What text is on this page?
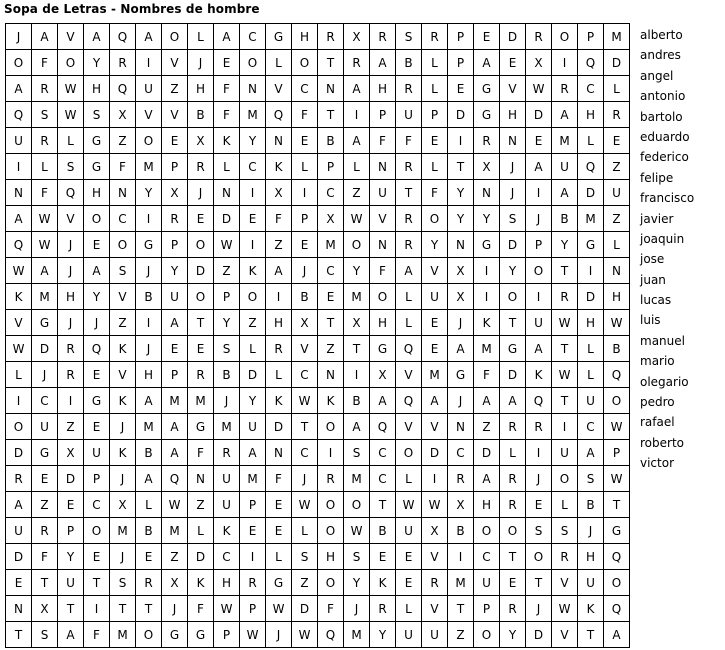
Sopa de Letras - Nombres de hombre
J	A	V	A	Q	A	O	L	A	C	G	H	R	X	R	S	R	P	E	D	R	O	P	M
O	F	O	Y	R	I	V	J	E	O	L	O	T	R	A	B	L	P	A	E	X	I	Q	D
A	R	W	H	Q	U	Z	H	F	N	V	C	N	A	H	R	L	E	G	V	W	R	C	L
Q	S	W	S	X	V	V	B	F	M	Q	F	T	I	P	U	P	D	G	H	D	A	H	R
U	R	L	G	Z	O	E	X	K	Y	N	E	B	A	F	F	E	I	R	N	E	M	L	E
I	L	S	G	F	M	P	R	L	C	K	L	P	L	N	R	L	T	X	J	A	U	Q	Z
N	F	Q	H	N	Y	X	J	N	I	X	I	C	Z	U	T	F	Y	N	J	I	A	D	U
A	W	V	O	C	I	R	E	D	E	F	P	X	W	V	R	O	Y	Y	S	J	B	M	Z
Q	W	J	E	O	G	P	O	W	I	Z	E	M	O	N	R	Y	N	G	D	P	Y	G	L
W	A	J	A	S	J	Y	D	Z	K	A	J	C	Y	F	A	V	X	I	Y	O	T	I	N
K	M	H	Y	V	B	U	O	P	O	I	B	E	M	O	L	U	X	I	O	I	R	D	H
V	G	J	J	Z	I	A	T	Y	Z	H	X	T	X	H	L	E	J	K	T	U	W	H	W
W	D	R	Q	K	J	E	E	S	L	R	V	Z	T	G	Q	E	A	M	G	A	T	L	B
L	J	R	E	V	H	P	R	B	D	L	C	N	I	X	V	M	G	F	D	K	W	L	Q
I	C	I	G	K	A	M	M	J	Y	K	W	K	B	A	Q	A	J	A	A	Q	T	U	O
O	U	Z	E	J	M	A	G	M	U	D	T	O	A	Q	V	V	N	Z	R	R	I	C	W
D	G	X	U	K	B	A	F	R	A	N	C	I	S	C	O	D	C	D	L	I	U	A	P
R	E	D	P	J	A	Q	N	U	M	F	J	R	M	C	L	I	R	A	R	J	O	S	W
A	Z	E	C	X	L	W	Z	U	P	E	W	O	O	T	W	W	X	H	R	E	L	B	T
U	R	P	O	M	B	M	L	K	E	E	L	O	W	B	U	X	B	O	O	S	S	J	G
D	F	Y	E	J	E	Z	D	C	I	L	S	H	S	E	E	V	I	C	T	O	R	H	Q
E	T	U	T	S	R	X	K	H	R	G	Z	O	Y	K	E	R	M	U	E	T	V	U	O
N	X	T	I	T	T	J	F	W	P	W	D	F	J	R	L	V	T	P	R	J	W	K	Q
T	S	A	F	M	O	G	G	P	W	J	W	Q	M	Y	U	U	Z	O	Y	D	V	T	A
alberto
andres
angel
antonio
bartolo
eduardo
federico
felipe
francisco
javier
joaquin
jose
juan
lucas
luis
manuel
mario
olegario
pedro
rafael
roberto
victor
